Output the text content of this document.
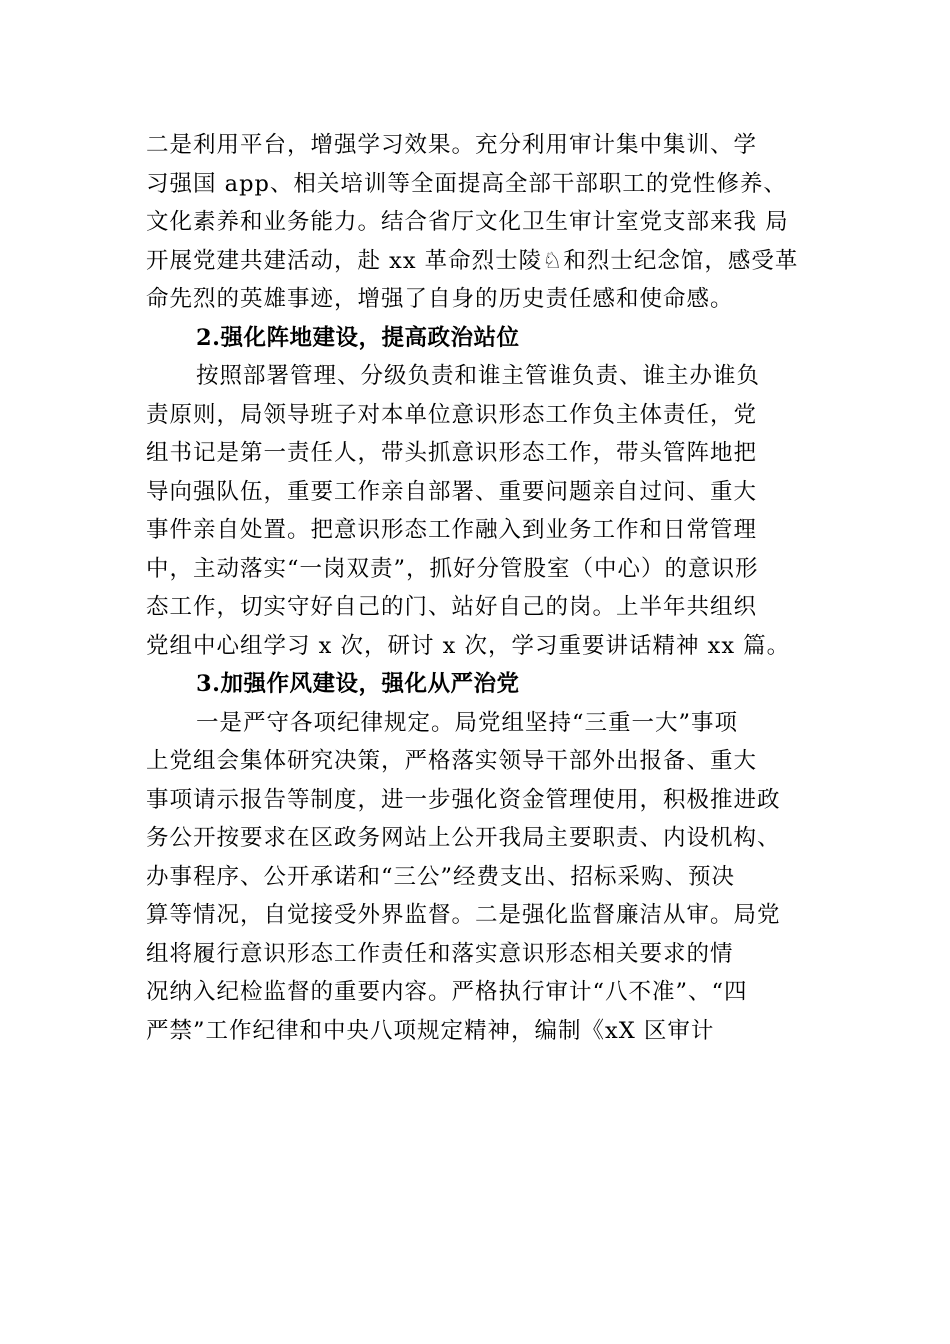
二是利用平台，增强学习效果。充分利用审计集中集训、学
习强国 app、相关培训等全面提高全部干部职工的党性修养、
文化素养和业务能力。结合省厅文化卫生审计室党支部来我 局
开展党建共建活动，赴 xx 革命烈士陵♘和烈士纪念馆，感受革
命先烈的英雄事迹，增强了自身的历史责任感和使命感。
2.强化阵地建设，提高政治站位
按照部署管理、分级负责和谁主管谁负责、谁主办谁负
责原则，局领导班子对本单位意识形态工作负主体责任，党
组书记是第一责任人，带头抓意识形态工作，带头管阵地把
导向强队伍，重要工作亲自部署、重要问题亲自过问、重大
事件亲自处置。把意识形态工作融入到业务工作和日常管理
中，主动落实“一岗双责”，抓好分管股室（中心）的意识形
态工作，切实守好自己的门、站好自己的岗。上半年共组织
党组中心组学习 x 次，研讨 x 次，学习重要讲话精神 xx 篇。
3.加强作风建设，强化从严治党
一是严守各项纪律规定。局党组坚持“三重一大”事项
上党组会集体研究决策，严格落实领导干部外出报备、重大
事项请示报告等制度，进一步强化资金管理使用，积极推进政
务公开按要求在区政务网站上公开我局主要职责、内设机构、
办事程序、公开承诺和“三公”经费支出、招标采购、预决
算等情况，自觉接受外界监督。二是强化监督廉洁从审。局党
组将履行意识形态工作责任和落实意识形态相关要求的情
况纳入纪检监督的重要内容。严格执行审计“八不准”、“四
严禁”工作纪律和中央八项规定精神，编制《xX 区审计
